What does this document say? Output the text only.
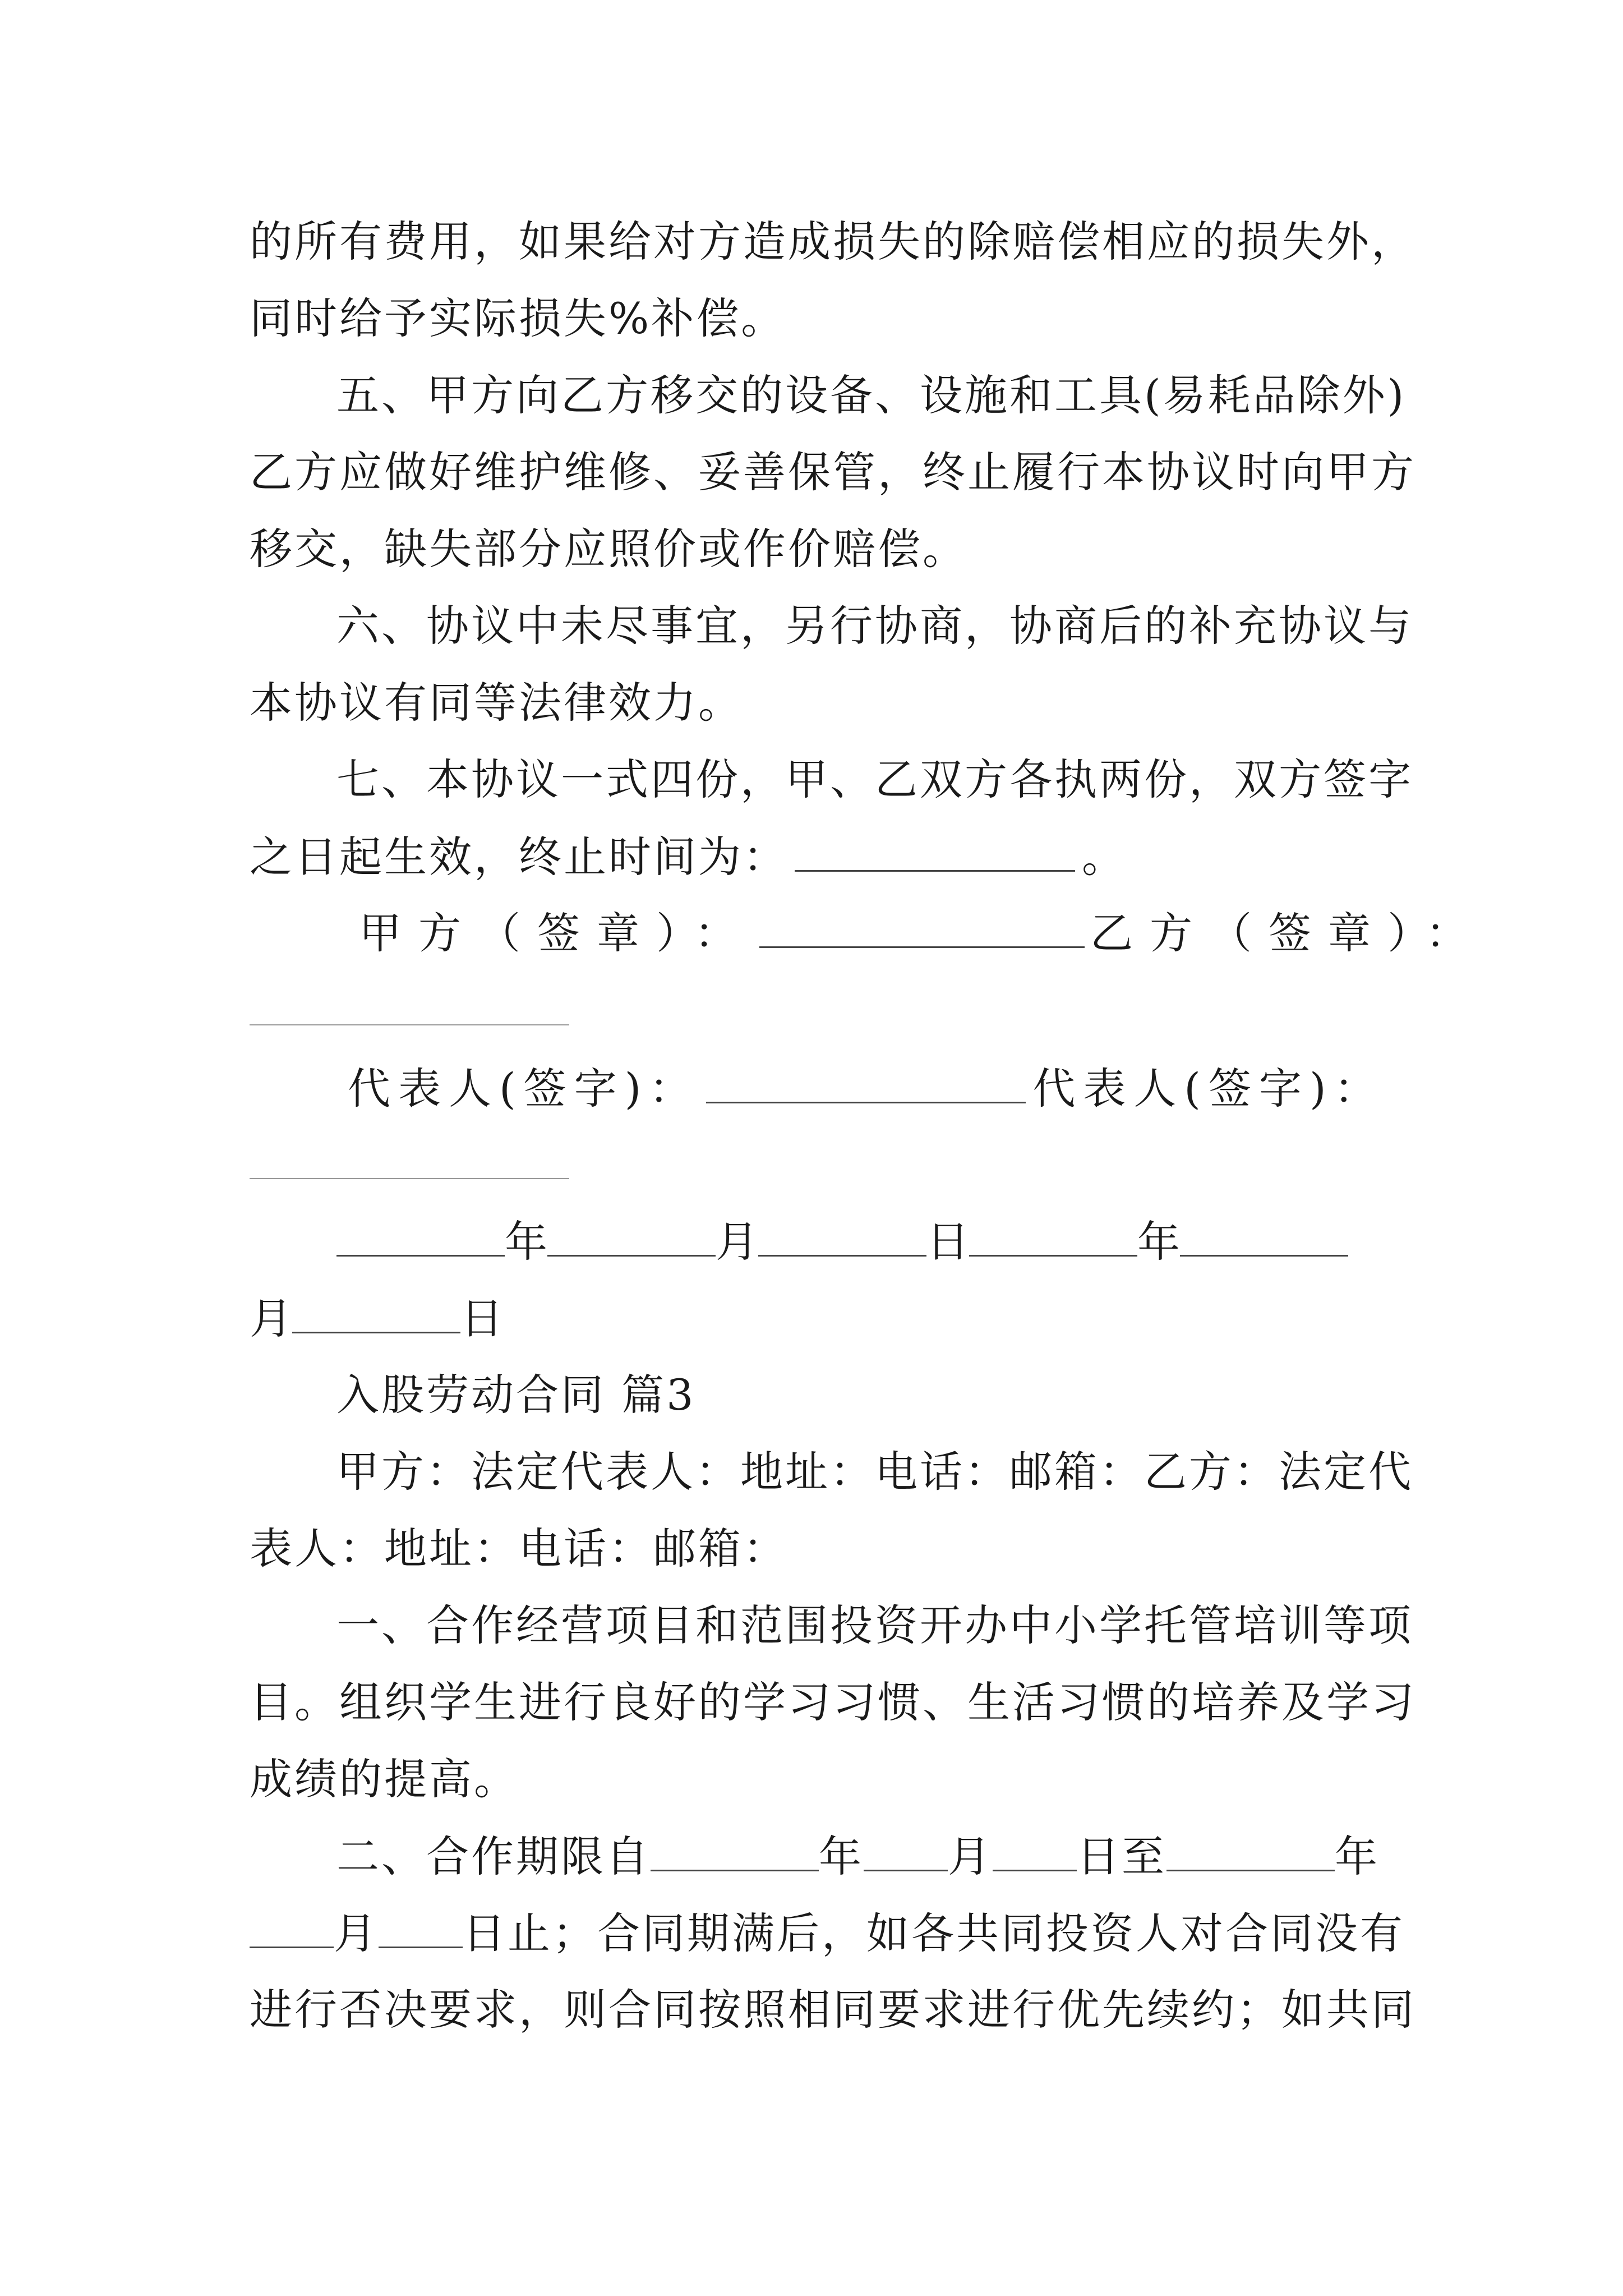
的所有费用，如果给对方造成损失的除赔偿相应的损失外，
同时给予实际损失%补偿。
五、甲方向乙方移交的设备、设施和工具(易耗品除外)
乙方应做好维护维修、妥善保管，终止履行本协议时向甲方
移交，缺失部分应照价或作价赔偿。
六、协议中未尽事宜，另行协商，协商后的补充协议与
本协议有同等法律效力。
七、本协议一式四份，甲、乙双方各执两份，双方签字
之日起生效，终止时间为：	。
甲方（签章）：	乙方（签章）：
代表人(签字)：	代表人(签字)：
年	月	日	年
月	日
入股劳动合同 篇3
甲方：法定代表人：地址：电话：邮箱：乙方：法定代
表人：地址：电话：邮箱：
一、合作经营项目和范围投资开办中小学托管培训等项
目。组织学生进行良好的学习习惯、生活习惯的培养及学习
成绩的提高。
二、合作期限自	年 月 日至	年
月 日止；合同期满后，如各共同投资人对合同没有
进行否决要求，则合同按照相同要求进行优先续约；如共同
